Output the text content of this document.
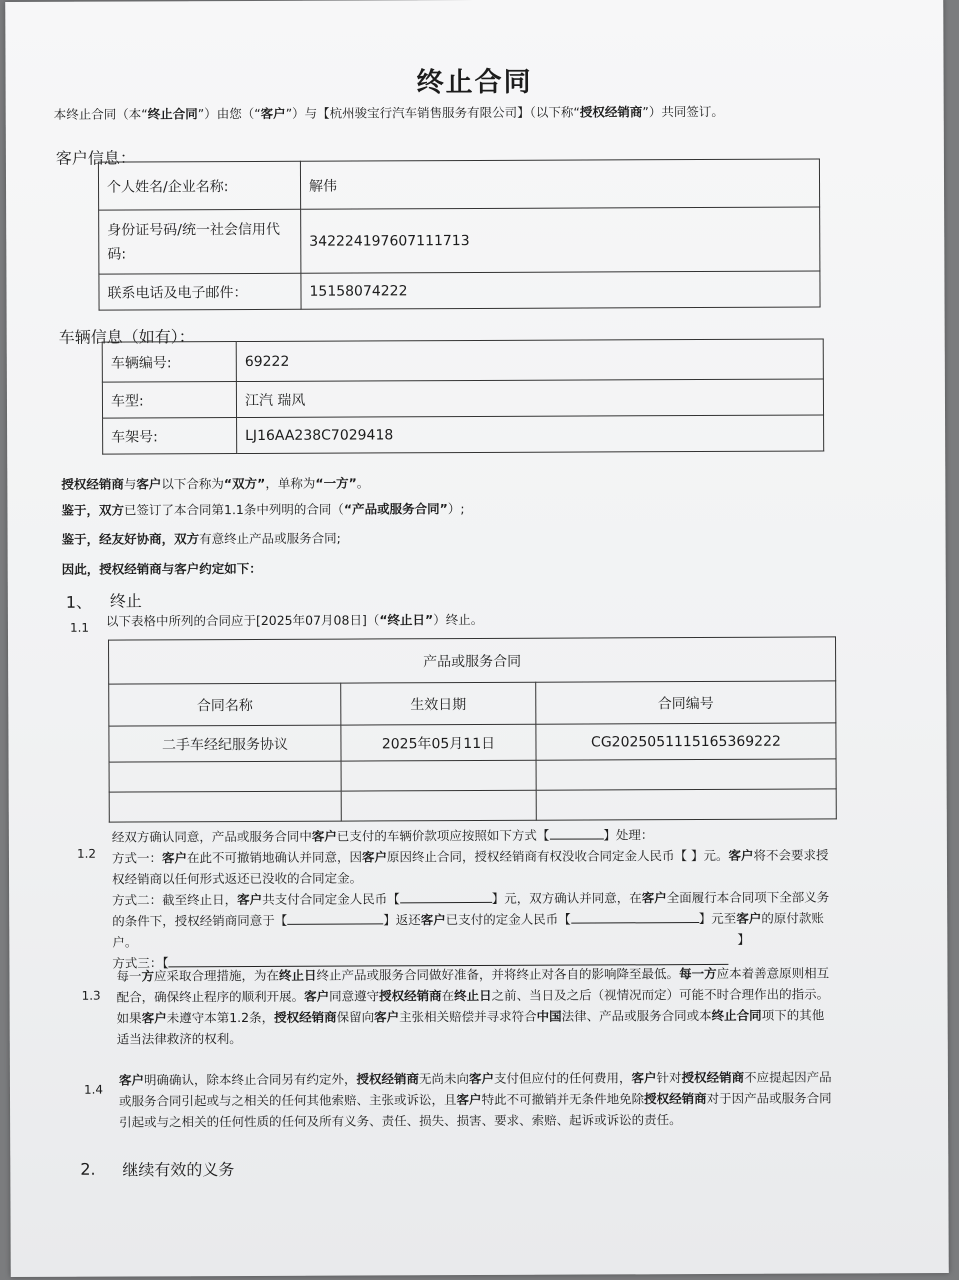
终止合同
本终止合同（本“终止合同”）由您（“客户”）与【杭州骏宝行汽车销售服务有限公司】（以下称“授权经销商”）共同签订。
客户信息：
个人姓名/企业名称:	解伟
身份证号码/统一社会信用代码:	342224197607111713
联系电话及电子邮件：	15158074222
车辆信息（如有）：
车辆编号:	69222
车型:	江汽 瑞风
车架号:	LJ16AA238C7029418
授权经销商与客户以下合称为“双方”，单称为“一方”。
鉴于，双方已签订了本合同第1.1条中列明的合同（“产品或服务合同”）;
鉴于，经友好协商，双方有意终止产品或服务合同;
因此，授权经销商与客户约定如下：
1、 终止
1.1 以下表格中所列的合同应于[2025年07月08日]（“终止日”）终止。
产品或服务合同		
合同名称	生效日期	合同编号
二手车经纪服务协议	2025年05月11日	CG2025051115165369222

1.2
经双方确认同意，产品或服务合同中客户已支付的车辆价款项应按照如下方式【	】处理：
方式一：客户在此不可撤销地确认并同意，因客户原因终止合同，授权经销商有权没收合同定金人民币【 】元。客户将不会要求授
权经销商以任何形式返还已没收的合同定金。
方式二：截至终止日，客户共支付合同定金人民币【	】元，双方确认并同意，在客户全面履行本合同项下全部义务
的条件下，授权经销商同意于【	】返还客户已支付的定金人民币【	】元至客户的原付款账
户。	】
方式三：【
1.3
每一方应采取合理措施，为在终止日终止产品或服务合同做好准备，并将终止对各自的影响降至最低。每一方应本着善意原则相互
配合，确保终止程序的顺利开展。客户同意遵守授权经销商在终止日之前、当日及之后（视情况而定）可能不时合理作出的指示。
如果客户未遵守本第1.2条，授权经销商保留向客户主张相关赔偿并寻求符合中国法律、产品或服务合同或本终止合同项下的其他
适当法律救济的权利。
1.4
客户明确确认，除本终止合同另有约定外，授权经销商无尚未向客户支付但应付的任何费用，客户针对授权经销商不应提起因产品
或服务合同引起或与之相关的任何其他索赔、主张或诉讼，且客户特此不可撤销并无条件地免除授权经销商对于因产品或服务合同
引起或与之相关的任何性质的任何及所有义务、责任、损失、损害、要求、索赔、起诉或诉讼的责任。
2. 继续有效的义务
